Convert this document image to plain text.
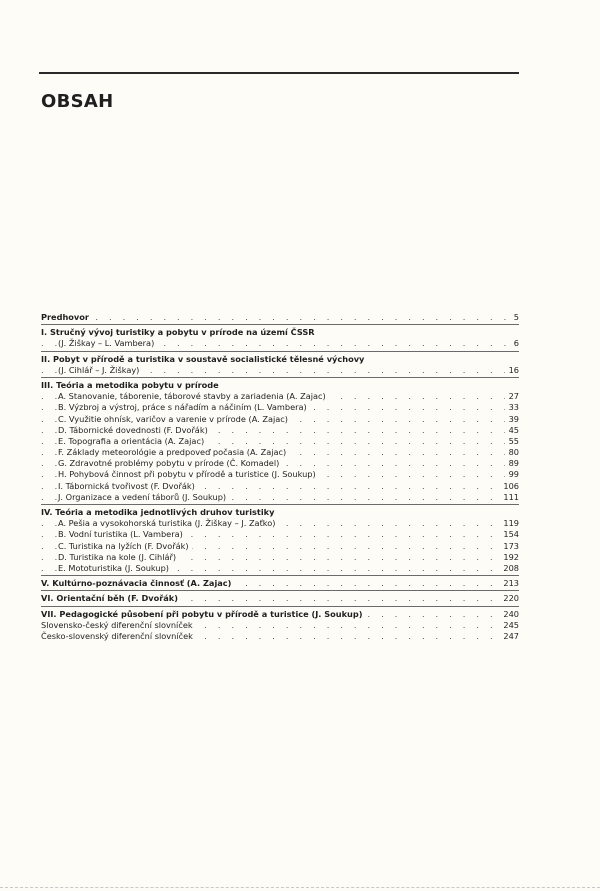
OBSAH
. . . Predhovor	5
I. Stručný vývoj turistiky a pobytu v prírode na území ČSSR
. . . (J. Žiškay – L. Vambera)	6
II. Pobyt v přírodě a turistika v soustavě socialistické tělesné výchovy
. . . (J. Cihlář – J. Žiškay)	16
III. Teória a metodika pobytu v prírode
. . . A. Stanovanie, táborenie, táborové stavby a zariadenia (A. Zajac)	27
. . . B. Výzbroj a výstroj, práce s nářadím a náčiním (L. Vambera)	33
. . . C. Využitie ohnísk, varičov a varenie v prírode (A. Zajac)	39
. . . D. Tábornické dovednosti (F. Dvořák)	45
. . . E. Topografia a orientácia (A. Zajac)	55
. . . F. Základy meteorológie a predpoveď počasia (A. Zajac)	80
. . . G. Zdravotné problémy pobytu v prírode (Č. Komadel)	89
. . . H. Pohybová činnost při pobytu v přírodě a turistice (J. Soukup)	99
. . . I. Tábornická tvořivost (F. Dvořák)	106
. . . J. Organizace a vedení táborů (J. Soukup)	111
IV. Teória a metodika jednotlivých druhov turistiky
. . . A. Pešia a vysokohorská turistika (J. Žiškay – J. Zaťko)	119
. . . B. Vodní turistika (L. Vambera)	154
. . . C. Turistika na lyžích (F. Dvořák)	173
. . . D. Turistika na kole (J. Cihlář)	192
. . . E. Mototuristika (J. Soukup)	208
. . . V. Kultúrno-poznávacia činnosť (A. Zajac)	213
. . . VI. Orientační běh (F. Dvořák)	220
. . . VII. Pedagogické působení při pobytu v přírodě a turistice (J. Soukup)	240
. . . Slovensko-český diferenční slovníček	245
. . . Česko-slovenský diferenční slovníček	247
